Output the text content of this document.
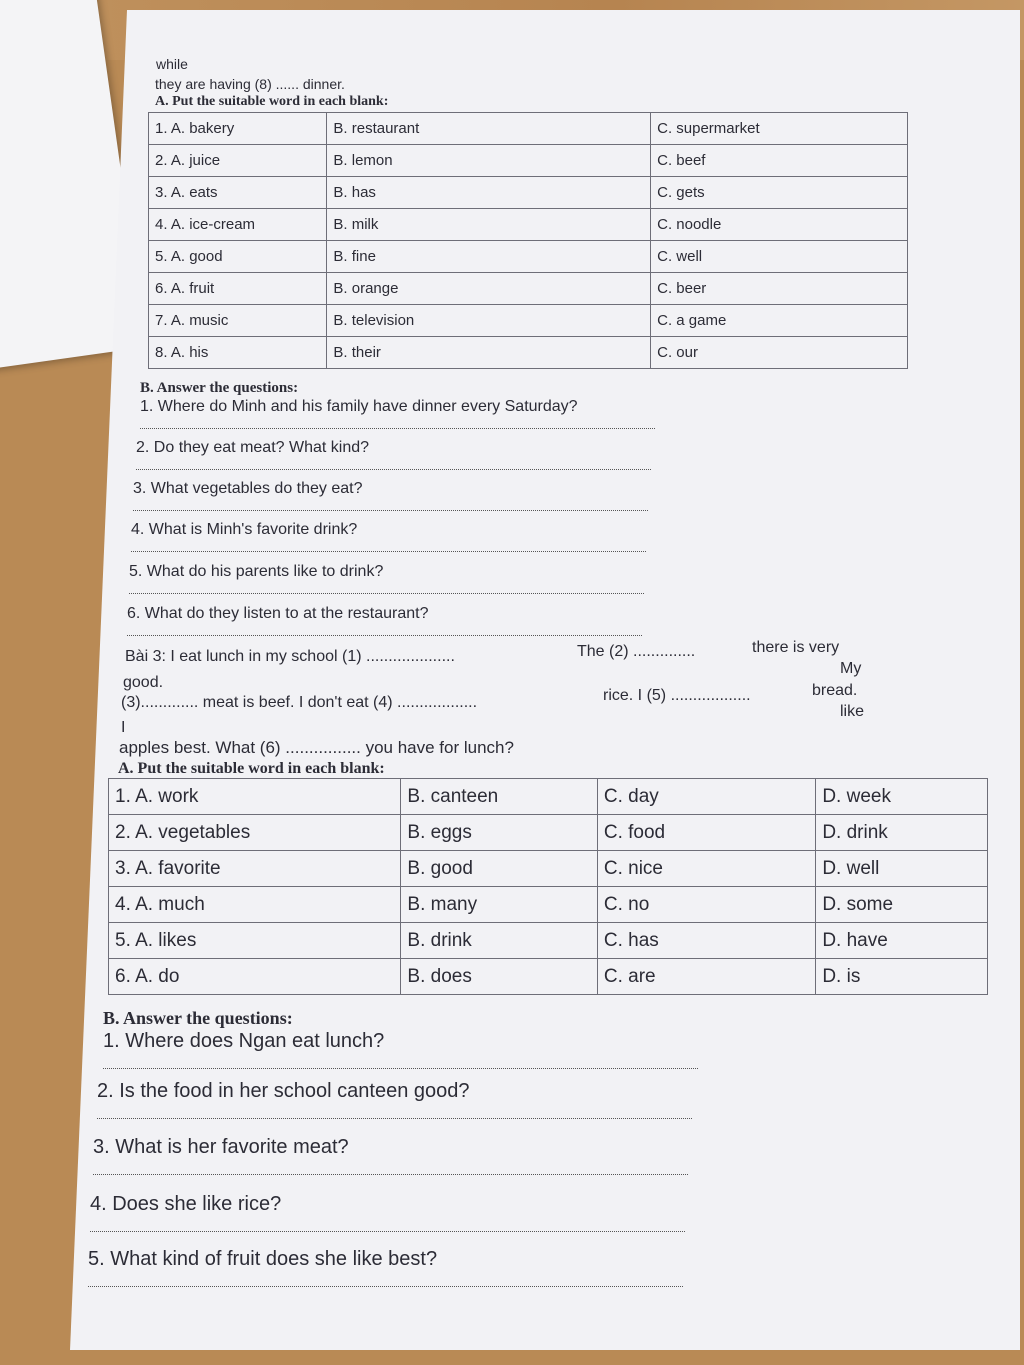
while
they are having (8) ...... dinner.
A. Put the suitable word in each blank:
1. A. bakery	B. restaurant	C. supermarket
2. A. juice	B. lemon	C. beef
3. A. eats	B. has	C. gets
4. A. ice-cream	B. milk	C. noodle
5. A. good	B. fine	C. well
6. A. fruit	B. orange	C. beer
7. A. music	B. television	C. a game
8. A. his	B. their	C. our
B. Answer the questions:
1. Where do Minh and his family have dinner every Saturday?
2. Do they eat meat? What kind?
3. What vegetables do they eat?
4. What is Minh's favorite drink?
5. What do his parents like to drink?
6. What do they listen to at the restaurant?
Bài 3: I eat lunch in my school (1) ....................	The (2) ..............	there is very
My
good.
(3)............. meat is beef. I don't eat (4) ..................	rice. I (5) ..................	bread.
like
I
apples best. What (6) ................ you have for lunch?
A. Put the suitable word in each blank:
1. A. work	B. canteen	C. day	D. week
2. A. vegetables	B. eggs	C. food	D. drink
3. A. favorite	B. good	C. nice	D. well
4. A. much	B. many	C. no	D. some
5. A. likes	B. drink	C. has	D. have
6. A. do	B. does	C. are	D. is
B. Answer the questions:
1. Where does Ngan eat lunch?
2. Is the food in her school canteen good?
3. What is her favorite meat?
4. Does she like rice?
5. What kind of fruit does she like best?
